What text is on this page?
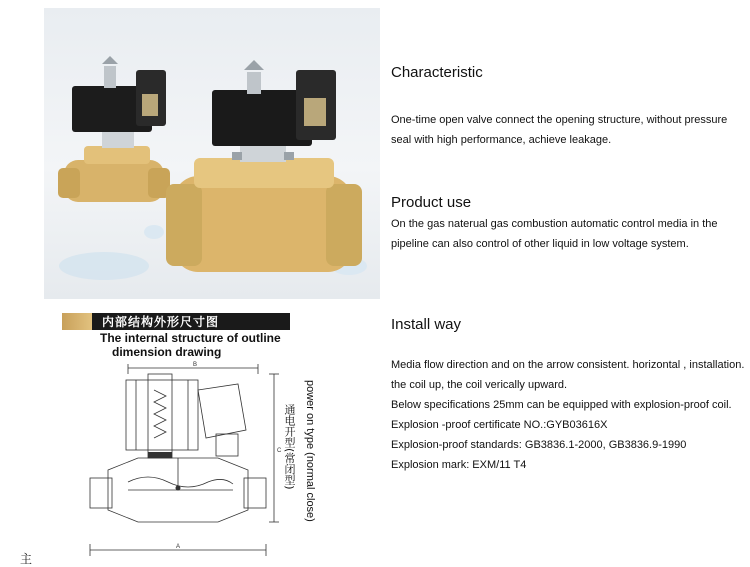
Characteristic
One-time open valve connect the opening structure, without pressure
seal with high performance, achieve leakage.
Product use
On the gas naterual gas combustion automatic control media in the
pipeline can also control of other liquid in low voltage system.
Install way
Media flow direction and on the arrow consistent. horizontal , installation.
the coil up, the coil verically upward.
Below specifications 25mm can be equipped with explosion-proof coil.
Explosion -proof certificate NO.:GYB03616X
Explosion-proof standards: GB3836.1-2000, GB3836.9-1990
Explosion mark: EXM/11 T4
内部结构外形尺寸图
The internal structure of outline
dimension drawing
B
A
C 通电开型(常闭型) power on type (normal close)
主
